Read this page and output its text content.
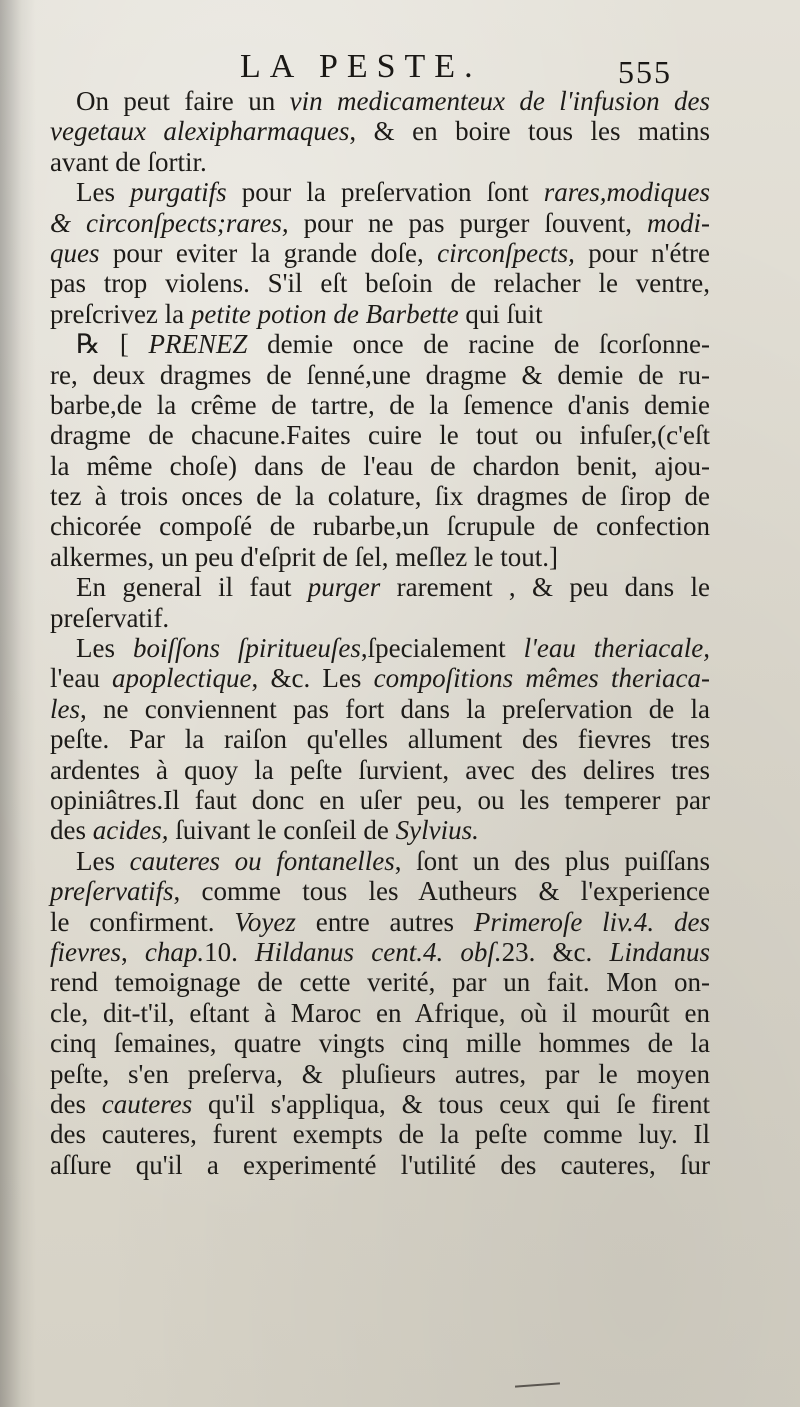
LA PESTE.	555
On peut faire un vin medicamenteux de l'infusion des
vegetaux alexipharmaques, & en boire tous les matins
avant de ſortir.
Les purgatifs pour la preſervation ſont rares,modiques
& circonſpects;rares, pour ne pas purger ſouvent, modi-
ques pour eviter la grande doſe, circonſpects, pour n'étre
pas trop violens. S'il eſt beſoin de relacher le ventre,
preſcrivez la petite potion de Barbette qui ſuit
℞ [ PRENEZ demie once de racine de ſcorſonne-
re, deux dragmes de ſenné,une dragme & demie de ru-
barbe,de la crême de tartre, de la ſemence d'anis demie
dragme de chacune.Faites cuire le tout ou infuſer,(c'eſt
la même choſe) dans de l'eau de chardon benit, ajou-
tez à trois onces de la colature, ſix dragmes de ſirop de
chicorée compoſé de rubarbe,un ſcrupule de confection
alkermes, un peu d'eſprit de ſel, meſlez le tout.]
En general il faut purger rarement , & peu dans le
preſervatif.
Les boiſſons ſpiritueuſes,ſpecialement l'eau theriacale,
l'eau apoplectique, &c. Les compoſitions mêmes theriaca-
les, ne conviennent pas fort dans la preſervation de la
peſte. Par la raiſon qu'elles allument des fievres tres
ardentes à quoy la peſte ſurvient, avec des delires tres
opiniâtres.Il faut donc en uſer peu, ou les temperer par
des acides, ſuivant le conſeil de Sylvius.
Les cauteres ou fontanelles, ſont un des plus puiſſans
preſervatifs, comme tous les Autheurs & l'experience
le confirment. Voyez entre autres Primeroſe liv.4. des
fievres, chap.10. Hildanus cent.4. obſ.23. &c. Lindanus
rend temoignage de cette verité, par un fait. Mon on-
cle, dit-t'il, eſtant à Maroc en Afrique, où il mourût en
cinq ſemaines, quatre vingts cinq mille hommes de la
peſte, s'en preſerva, & pluſieurs autres, par le moyen
des cauteres qu'il s'appliqua, & tous ceux qui ſe firent
des cauteres, furent exempts de la peſte comme luy. Il
aſſure qu'il a experimenté l'utilité des cauteres, ſur
